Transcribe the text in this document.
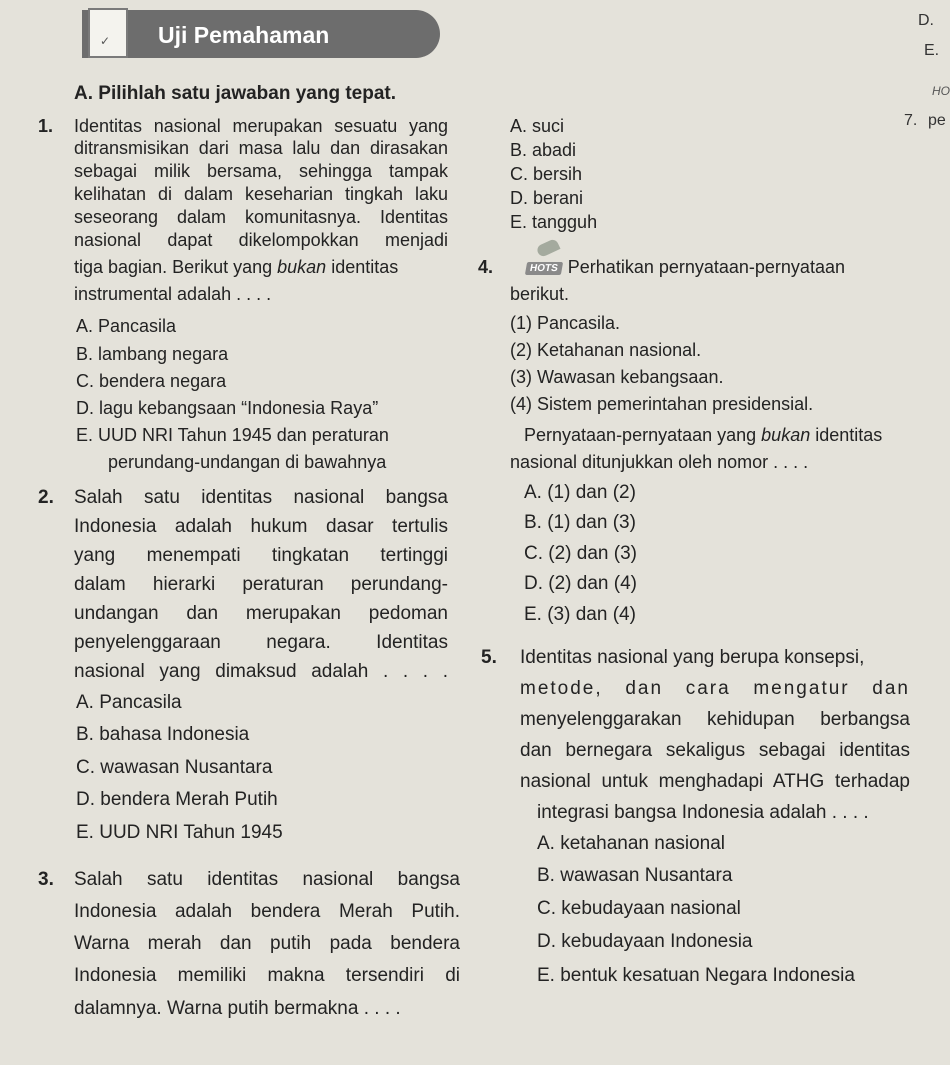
✓ Uji Pemahaman
D.
E.
HO
7. pe
A. Pilihlah satu jawaban yang tepat.
1. Identitas nasional merupakan sesuatu yang
ditransmisikan dari masa lalu dan dirasakan
sebagai milik bersama, sehingga tampak
kelihatan di dalam keseharian tingkah laku
seseorang dalam komunitasnya. Identitas
nasional dapat dikelompokkan menjadi
tiga bagian. Berikut yang bukan identitas
instrumental adalah . . . .
A. Pancasila
B. lambang negara
C. bendera negara
D. lagu kebangsaan “Indonesia Raya”
E. UUD NRI Tahun 1945 dan peraturan
perundang-undangan di bawahnya
2. Salah satu identitas nasional bangsa
Indonesia adalah hukum dasar tertulis
yang menempati tingkatan tertinggi
dalam hierarki peraturan perundang-
undangan dan merupakan pedoman
penyelenggaraan negara. Identitas
nasional yang dimaksud adalah . . . .
A. Pancasila
B. bahasa Indonesia
C. wawasan Nusantara
D. bendera Merah Putih
E. UUD NRI Tahun 1945
3. Salah satu identitas nasional bangsa
Indonesia adalah bendera Merah Putih.
Warna merah dan putih pada bendera
Indonesia memiliki makna tersendiri di
dalamnya. Warna putih bermakna . . . .
A. suci
B. abadi
C. bersih
D. berani
E. tangguh
4.	HOTS Perhatikan pernyataan-pernyataan
berikut.
(1) Pancasila.
(2) Ketahanan nasional.
(3) Wawasan kebangsaan.
(4) Sistem pemerintahan presidensial.
Pernyataan-pernyataan yang bukan identitas
nasional ditunjukkan oleh nomor . . . .
A. (1) dan (2)
B. (1) dan (3)
C. (2) dan (3)
D. (2) dan (4)
E. (3) dan (4)
5. Identitas nasional yang berupa konsepsi,
metode, dan cara mengatur dan
menyelenggarakan kehidupan berbangsa
dan bernegara sekaligus sebagai identitas
nasional untuk menghadapi ATHG terhadap
integrasi bangsa Indonesia adalah . . . .
A. ketahanan nasional
B. wawasan Nusantara
C. kebudayaan nasional
D. kebudayaan Indonesia
E. bentuk kesatuan Negara Indonesia
